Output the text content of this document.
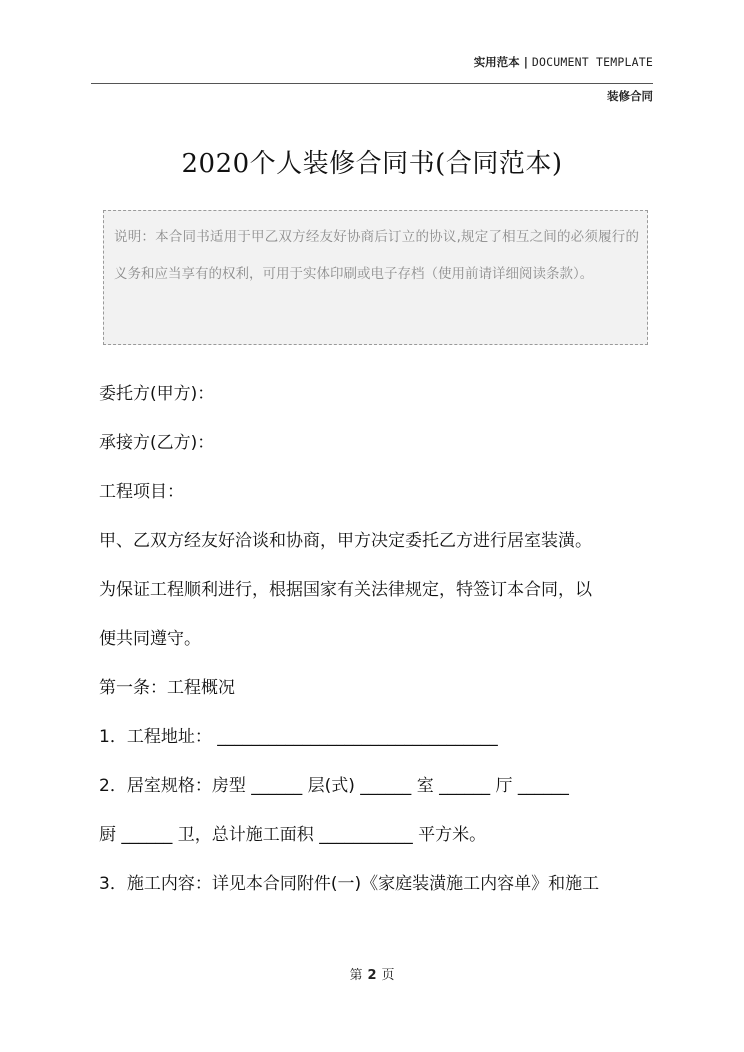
实用范本 | DOCUMENT TEMPLATE
装修合同
2020个人装修合同书(合同范本)
说明：本合同书适用于甲乙双方经友好协商后订立的协议,规定了相互之间的必须履行的义务和应当享有的权利，可用于实体印刷或电子存档（使用前请详细阅读条款）。
委托方(甲方)：
承接方(乙方)：
工程项目：
甲、乙双方经友好洽谈和协商，甲方决定委托乙方进行居室装潢。
为保证工程顺利进行，根据国家有关法律规定，特签订本合同，以
便共同遵守。
第一条：工程概况
1．工程地址： _________________________________
2．居室规格：房型 ______ 层(式) ______ 室 ______ 厅 ______
厨 ______ 卫，总计施工面积 ___________ 平方米。
3．施工内容：详见本合同附件(一)《家庭装潢施工内容单》和施工
第 2 页
